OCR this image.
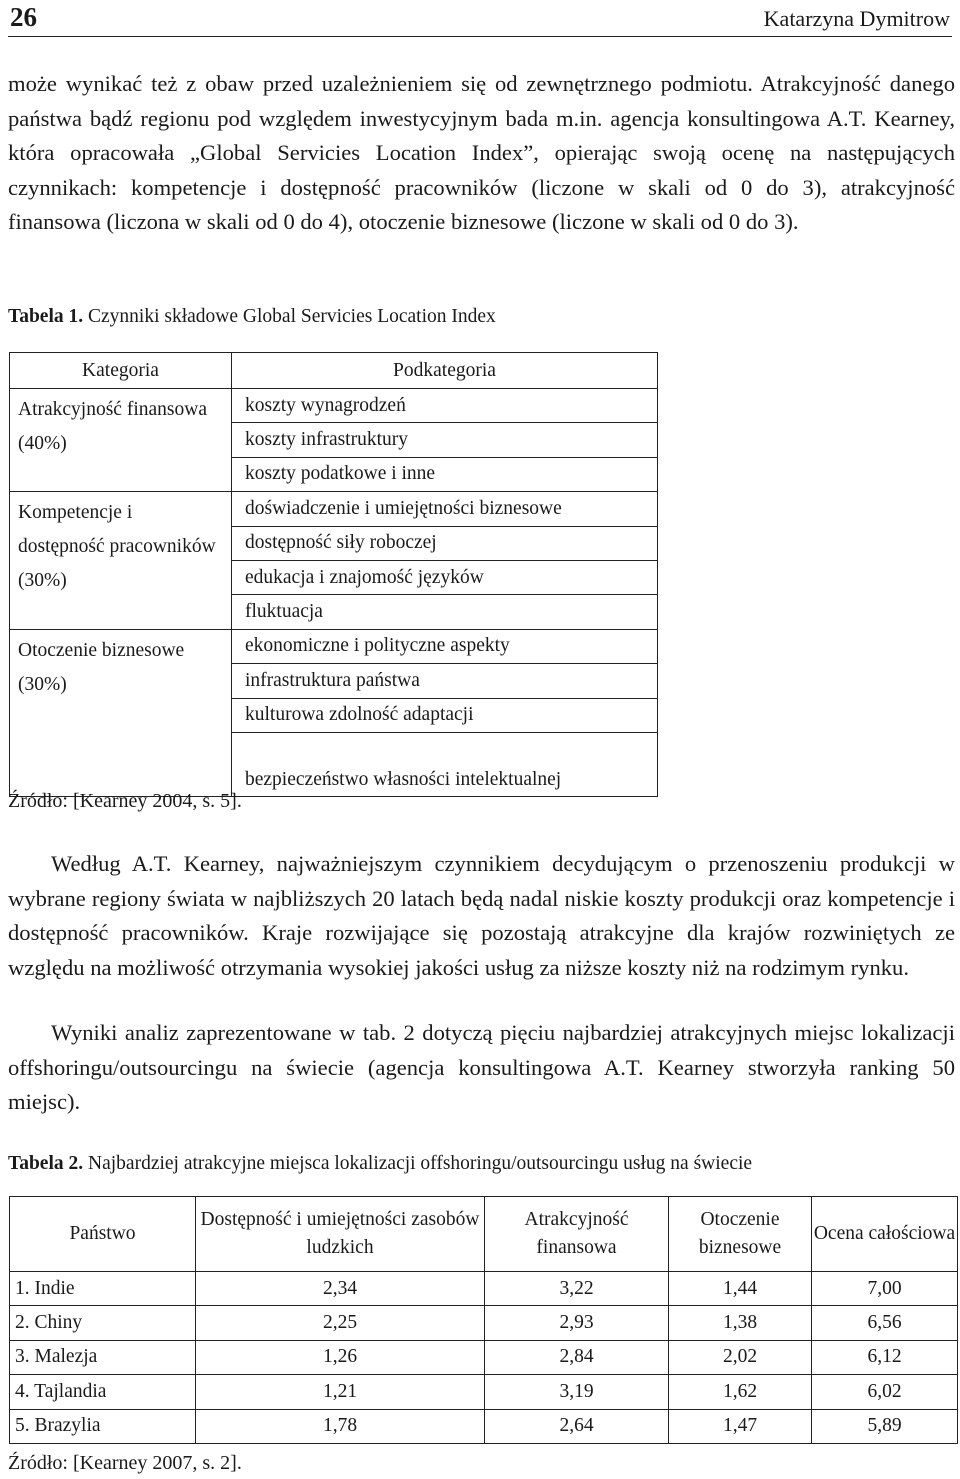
26	Katarzyna Dymitrow

może wynikać też z obaw przed uzależnieniem się od zewnętrznego podmiotu. Atrakcyjność danego państwa bądź regionu pod względem inwestycyjnym bada m.in. agencja konsultingowa A.T. Kearney, która opracowała „Global Servicies Location Index”, opierając swoją ocenę na następujących czynnikach: kompetencje i dostępność pracowników (liczone w skali od 0 do 3), atrakcyjność finansowa (liczona w skali od 0 do 4), otoczenie biznesowe (liczone w skali od 0 do 3).

Tabela 1. Czynniki składowe Global Servicies Location Index
Kategoria	Podkategoria
Atrakcyjność finansowa (40%)	koszty wynagrodzeń
	koszty infrastruktury
	koszty podatkowe i inne
Kompetencje i dostępność pracowników (30%)	doświadczenie i umiejętności biznesowe
	dostępność siły roboczej
	edukacja i znajomość języków
	fluktuacja
Otoczenie biznesowe (30%)	ekonomiczne i polityczne aspekty
	infrastruktura państwa
	kulturowa zdolność adaptacji
	bezpieczeństwo własności intelektualnej
Źródło: [Kearney 2004, s. 5].

Według A.T. Kearney, najważniejszym czynnikiem decydującym o przenoszeniu produkcji w wybrane regiony świata w najbliższych 20 latach będą nadal niskie koszty produkcji oraz kompetencje i dostępność pracowników. Kraje rozwijające się pozostają atrakcyjne dla krajów rozwiniętych ze względu na możliwość otrzymania wysokiej jakości usług za niższe koszty niż na rodzimym rynku.

Wyniki analiz zaprezentowane w tab. 2 dotyczą pięciu najbardziej atrakcyjnych miejsc lokalizacji offshoringu/outsourcingu na świecie (agencja konsultingowa A.T. Kearney stworzyła ranking 50 miejsc).

Tabela 2. Najbardziej atrakcyjne miejsca lokalizacji offshoringu/outsourcingu usług na świecie
Państwo	Dostępność i umiejętności zasobów ludzkich	Atrakcyjność finansowa	Otoczenie biznesowe	Ocena całościowa
1. Indie	2,34	3,22	1,44	7,00
2. Chiny	2,25	2,93	1,38	6,56
3. Malezja	1,26	2,84	2,02	6,12
4. Tajlandia	1,21	3,19	1,62	6,02
5. Brazylia	1,78	2,64	1,47	5,89
Źródło: [Kearney 2007, s. 2].
